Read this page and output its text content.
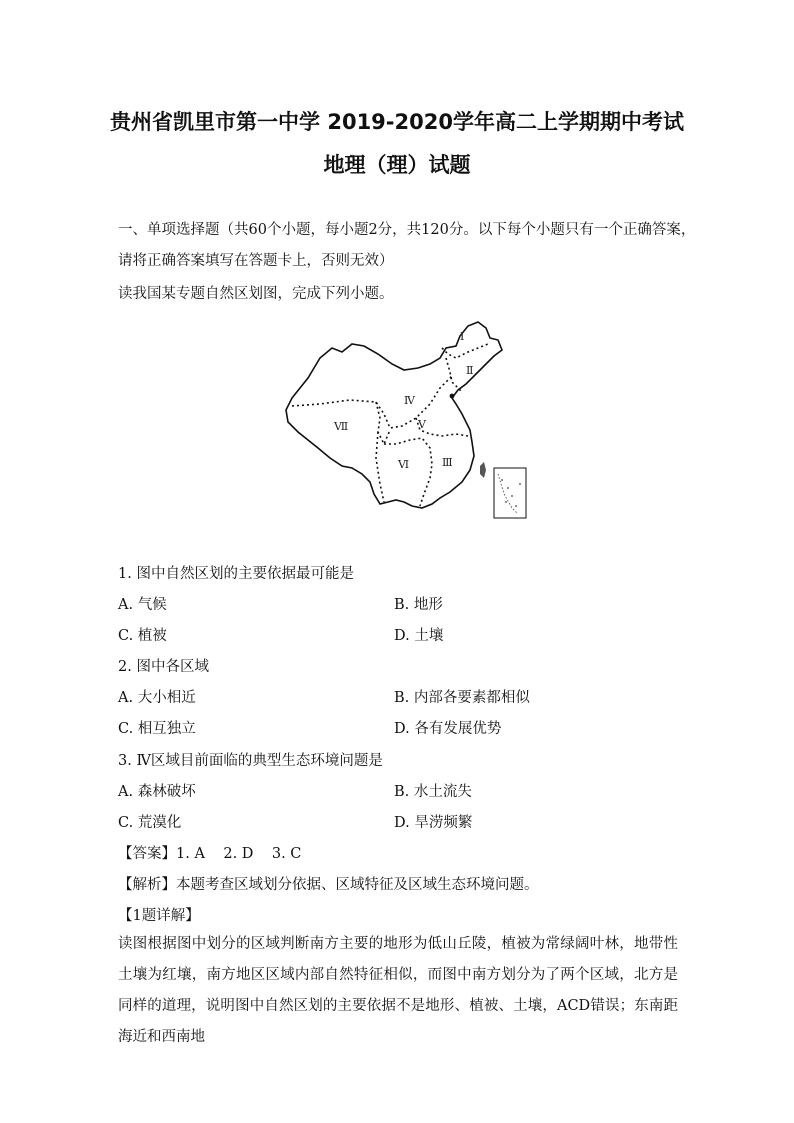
贵州省凯里市第一中学 2019-2020学年高二上学期期中考试
地理（理）试题
一、单项选择题（共60个小题，每小题2分，共120分。以下每个小题只有一个正确答案，
请将正确答案填写在答题卡上，否则无效）
读我国某专题自然区划图，完成下列小题。
Ⅰ
Ⅱ
Ⅳ
Ⅴ
Ⅶ
Ⅵ	Ⅲ
1. 图中自然区划的主要依据最可能是
A. 气候	B. 地形
C. 植被	D. 土壤
2. 图中各区域
A. 大小相近	B. 内部各要素都相似
C. 相互独立	D. 各有发展优势
3. Ⅳ区域目前面临的典型生态环境问题是
A. 森林破坏	B. 水土流失
C. 荒漠化	D. 旱涝频繁
【答案】1. A    2. D    3. C
【解析】本题考查区域划分依据、区域特征及区域生态环境问题。
【1题详解】
读图根据图中划分的区域判断南方主要的地形为低山丘陵，植被为常绿阔叶林，地带性土壤为红壤，南方地区区域内部自然特征相似，而图中南方划分为了两个区域，北方是同样的道理，说明图中自然区划的主要依据不是地形、植被、土壤，ACD错误；东南距海近和西南地
